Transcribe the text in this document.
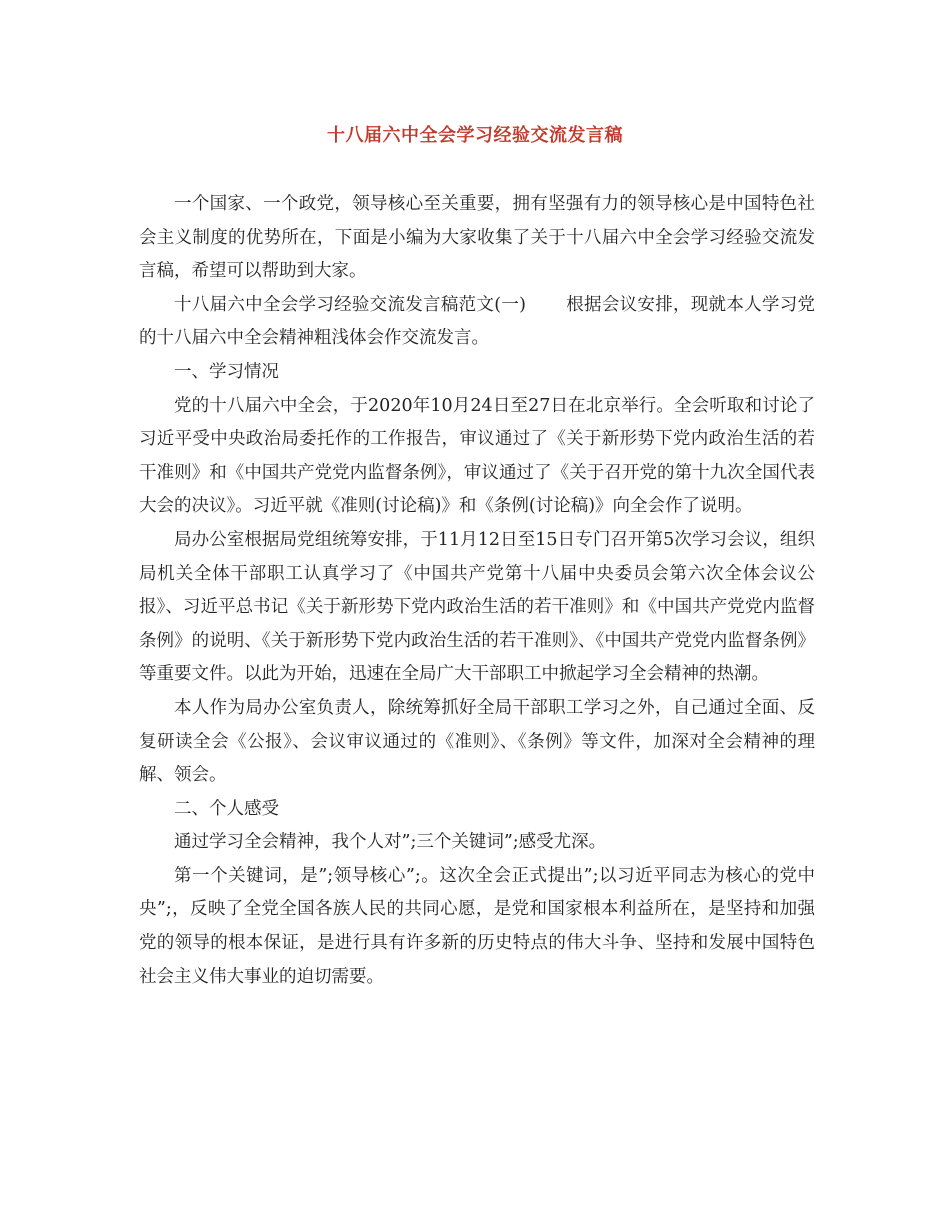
十八届六中全会学习经验交流发言稿

一个国家、一个政党，领导核心至关重要，拥有坚强有力的领导核心是中国特色社会主义制度的优势所在，下面是小编为大家收集了关于十八届六中全会学习经验交流发言稿，希望可以帮助到大家。

十八届六中全会学习经验交流发言稿范文(一) 根据会议安排，现就本人学习党的十八届六中全会精神粗浅体会作交流发言。

一、学习情况

党的十八届六中全会，于2020年10月24日至27日在北京举行。全会听取和讨论了习近平受中央政治局委托作的工作报告，审议通过了《关于新形势下党内政治生活的若干准则》和《中国共产党党内监督条例》，审议通过了《关于召开党的第十九次全国代表大会的决议》。习近平就《准则(讨论稿)》和《条例(讨论稿)》向全会作了说明。

局办公室根据局党组统筹安排，于11月12日至15日专门召开第5次学习会议，组织局机关全体干部职工认真学习了《中国共产党第十八届中央委员会第六次全体会议公报》、习近平总书记《关于新形势下党内政治生活的若干准则》和《中国共产党党内监督条例》的说明、《关于新形势下党内政治生活的若干准则》、《中国共产党党内监督条例》等重要文件。以此为开始，迅速在全局广大干部职工中掀起学习全会精神的热潮。

本人作为局办公室负责人，除统筹抓好全局干部职工学习之外，自己通过全面、反复研读全会《公报》、会议审议通过的《准则》、《条例》等文件，加深对全会精神的理解、领会。

二、个人感受

通过学习全会精神，我个人对”;三个关键词”;感受尤深。

第一个关键词，是”;领导核心”;。这次全会正式提出”;以习近平同志为核心的党中央”;，反映了全党全国各族人民的共同心愿，是党和国家根本利益所在，是坚持和加强党的领导的根本保证，是进行具有许多新的历史特点的伟大斗争、坚持和发展中国特色社会主义伟大事业的迫切需要。
